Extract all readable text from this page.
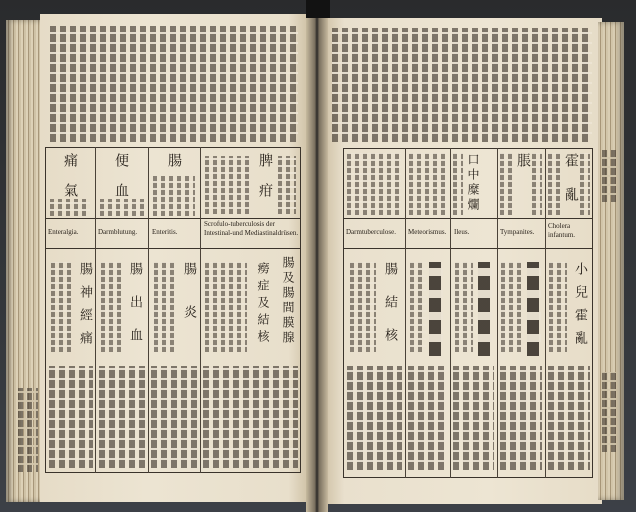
痛
氣
Enteralgia.
腸神經痛
便
血
Darmblutung.
腸出血
腸
Enteritis.
腸炎
脾
疳
Scrofulo-tuberculosis der Intestinal-und Mediastinaldrüsen.
腸及腸間膜腺
癆症及結核
Darmtuberculose.
腸結核
Meteorismus.
口中糜爛
Ileus.
脹
Tympanites.
霍
亂
Cholera infantum.
小兒霍亂
